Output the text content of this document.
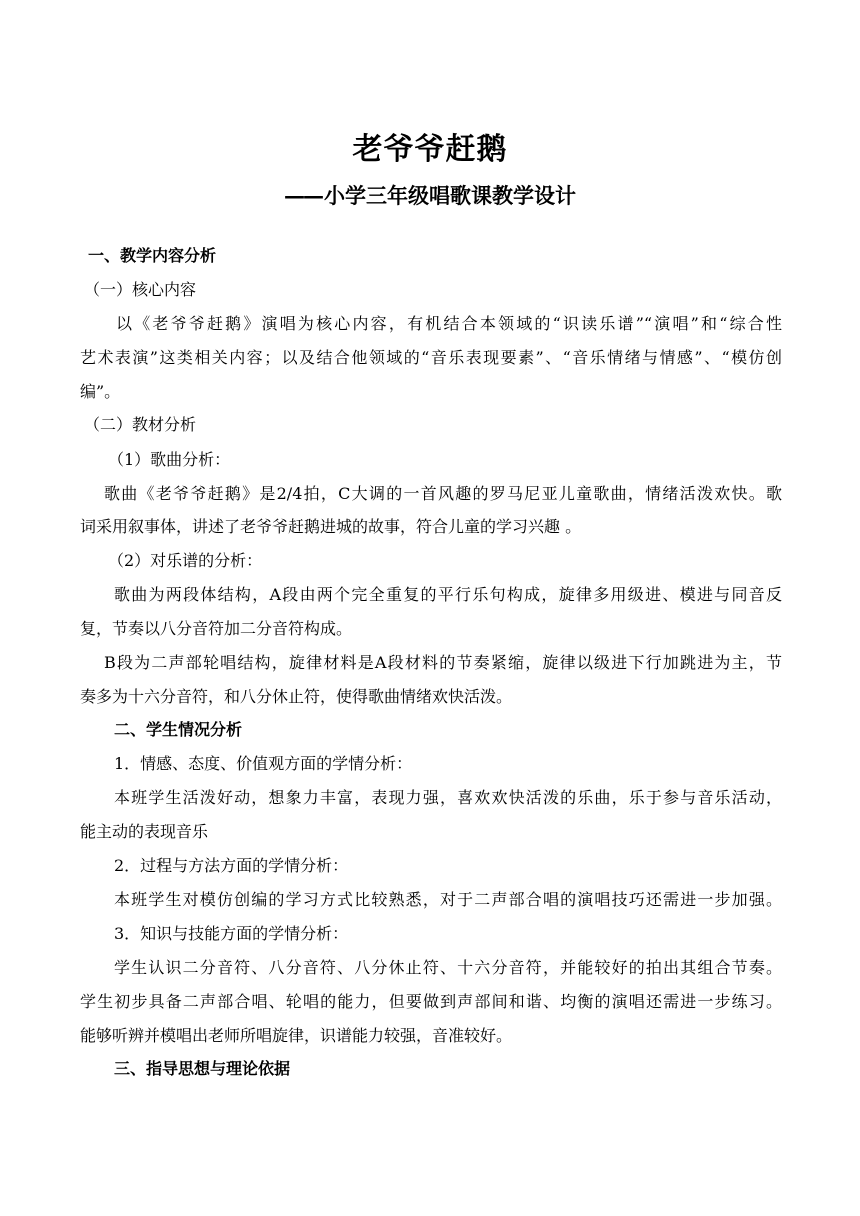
老爷爷赶鹅
——小学三年级唱歌课教学设计
一、教学内容分析
（一）核心内容
以《老爷爷赶鹅》演唱为核心内容，有机结合本领域的“识读乐谱”“演唱”和“综合性
艺术表演”这类相关内容；以及结合他领域的“音乐表现要素”、“音乐情绪与情感”、“模仿创
编”。
（二）教材分析
（1）歌曲分析：
歌曲《老爷爷赶鹅》是2/4拍，C大调的一首风趣的罗马尼亚儿童歌曲，情绪活泼欢快。歌
词采用叙事体，讲述了老爷爷赶鹅进城的故事，符合儿童的学习兴趣 。
（2）对乐谱的分析：
歌曲为两段体结构，A段由两个完全重复的平行乐句构成，旋律多用级进、模进与同音反
复，节奏以八分音符加二分音符构成。
B段为二声部轮唱结构，旋律材料是A段材料的节奏紧缩，旋律以级进下行加跳进为主，节
奏多为十六分音符，和八分休止符，使得歌曲情绪欢快活泼。
二、学生情况分析
1．情感、态度、价值观方面的学情分析：
本班学生活泼好动，想象力丰富，表现力强，喜欢欢快活泼的乐曲，乐于参与音乐活动，
能主动的表现音乐
2．过程与方法方面的学情分析：
本班学生对模仿创编的学习方式比较熟悉，对于二声部合唱的演唱技巧还需进一步加强。
3．知识与技能方面的学情分析：
学生认识二分音符、八分音符、八分休止符、十六分音符，并能较好的拍出其组合节奏。
学生初步具备二声部合唱、轮唱的能力，但要做到声部间和谐、均衡的演唱还需进一步练习。
能够听辨并模唱出老师所唱旋律，识谱能力较强，音准较好。
三、指导思想与理论依据
